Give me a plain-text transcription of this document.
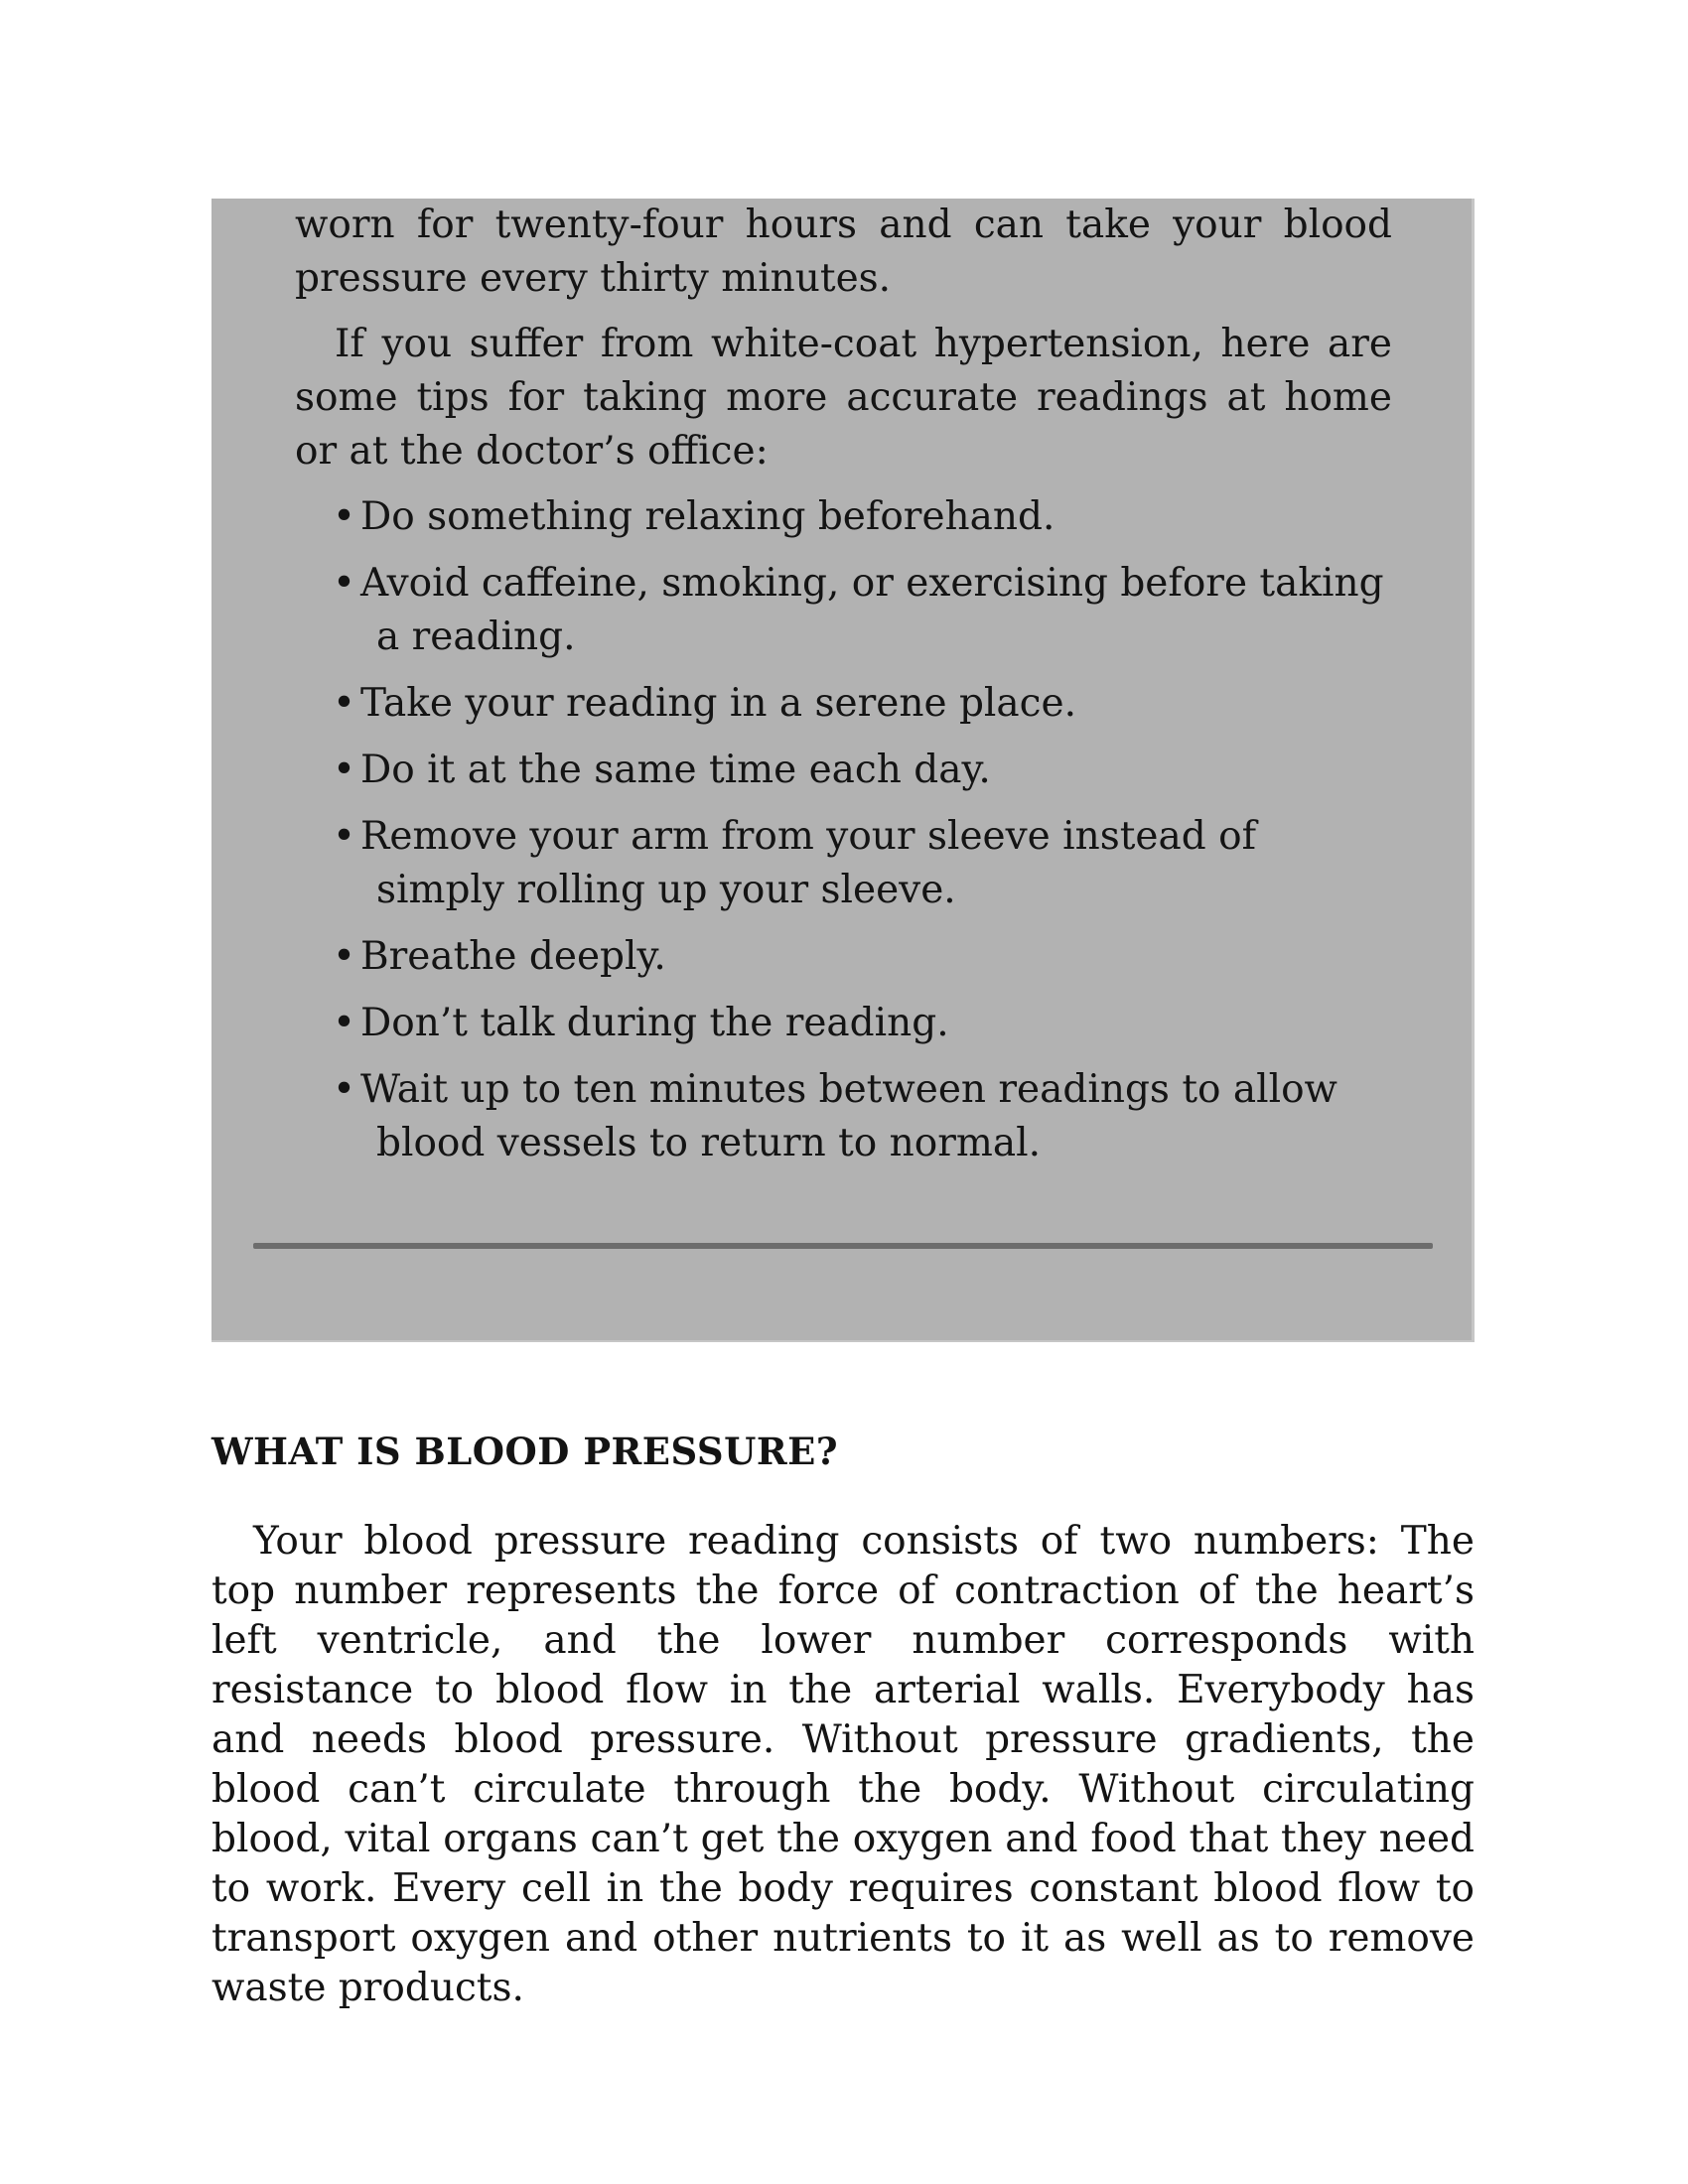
worn for twenty-four hours and can take your blood pressure every thirty minutes.

If you suffer from white-coat hypertension, here are some tips for taking more accurate readings at home or at the doctor’s office:

• Do something relaxing beforehand.
• Avoid caffeine, smoking, or exercising before taking a reading.
• Take your reading in a serene place.
• Do it at the same time each day.
• Remove your arm from your sleeve instead of simply rolling up your sleeve.
• Breathe deeply.
• Don’t talk during the reading.
• Wait up to ten minutes between readings to allow blood vessels to return to normal.
WHAT IS BLOOD PRESSURE?

Your blood pressure reading consists of two numbers: The top number represents the force of contraction of the heart’s left ventricle, and the lower number corresponds with resistance to blood flow in the arterial walls. Everybody has and needs blood pressure. Without pressure gradients, the blood can’t circulate through the body. Without circulating blood, vital organs can’t get the oxygen and food that they need to work. Every cell in the body requires constant blood flow to transport oxygen and other nutrients to it as well as to remove waste products.
